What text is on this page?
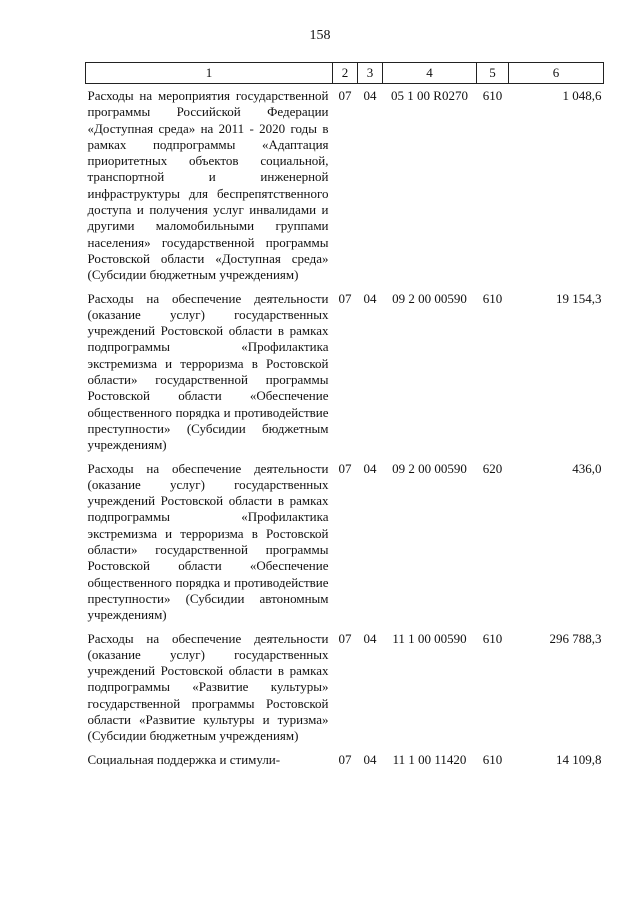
158
1	2	3	4	5	6
Расходы на мероприятия государственной программы Российской Федерации «Доступная среда» на 2011 - 2020 годы в рамках подпрограммы «Адаптация приоритетных объектов социальной, транспортной и инженерной инфраструктуры для беспрепятственного доступа и получения услуг инвалидами и другими маломобильными группами населения» государственной программы Ростовской области «Доступная среда» (Субсидии бюджетным учреждениям)	07	04	05 1 00 R0270	610	1 048,6
Расходы на обеспечение деятельности (оказание услуг) государственных учреждений Ростовской области в рамках подпрограммы «Профилактика экстремизма и терроризма в Ростовской области» государственной программы Ростовской области «Обеспечение общественного порядка и противодействие преступности» (Субсидии бюджетным учреждениям)	07	04	09 2 00 00590	610	19 154,3
Расходы на обеспечение деятельности (оказание услуг) государственных учреждений Ростовской области в рамках подпрограммы «Профилактика экстремизма и терроризма в Ростовской области» государственной программы Ростовской области «Обеспечение общественного порядка и противодействие преступности» (Субсидии автономным учреждениям)	07	04	09 2 00 00590	620	436,0
Расходы на обеспечение деятельности (оказание услуг) государственных учреждений Ростовской области в рамках подпрограммы «Развитие культуры» государственной программы Ростовской области «Развитие культуры и туризма» (Субсидии бюджетным учреждениям)	07	04	11 1 00 00590	610	296 788,3
Социальная поддержка и стимули-	07	04	11 1 00 11420	610	14 109,8
